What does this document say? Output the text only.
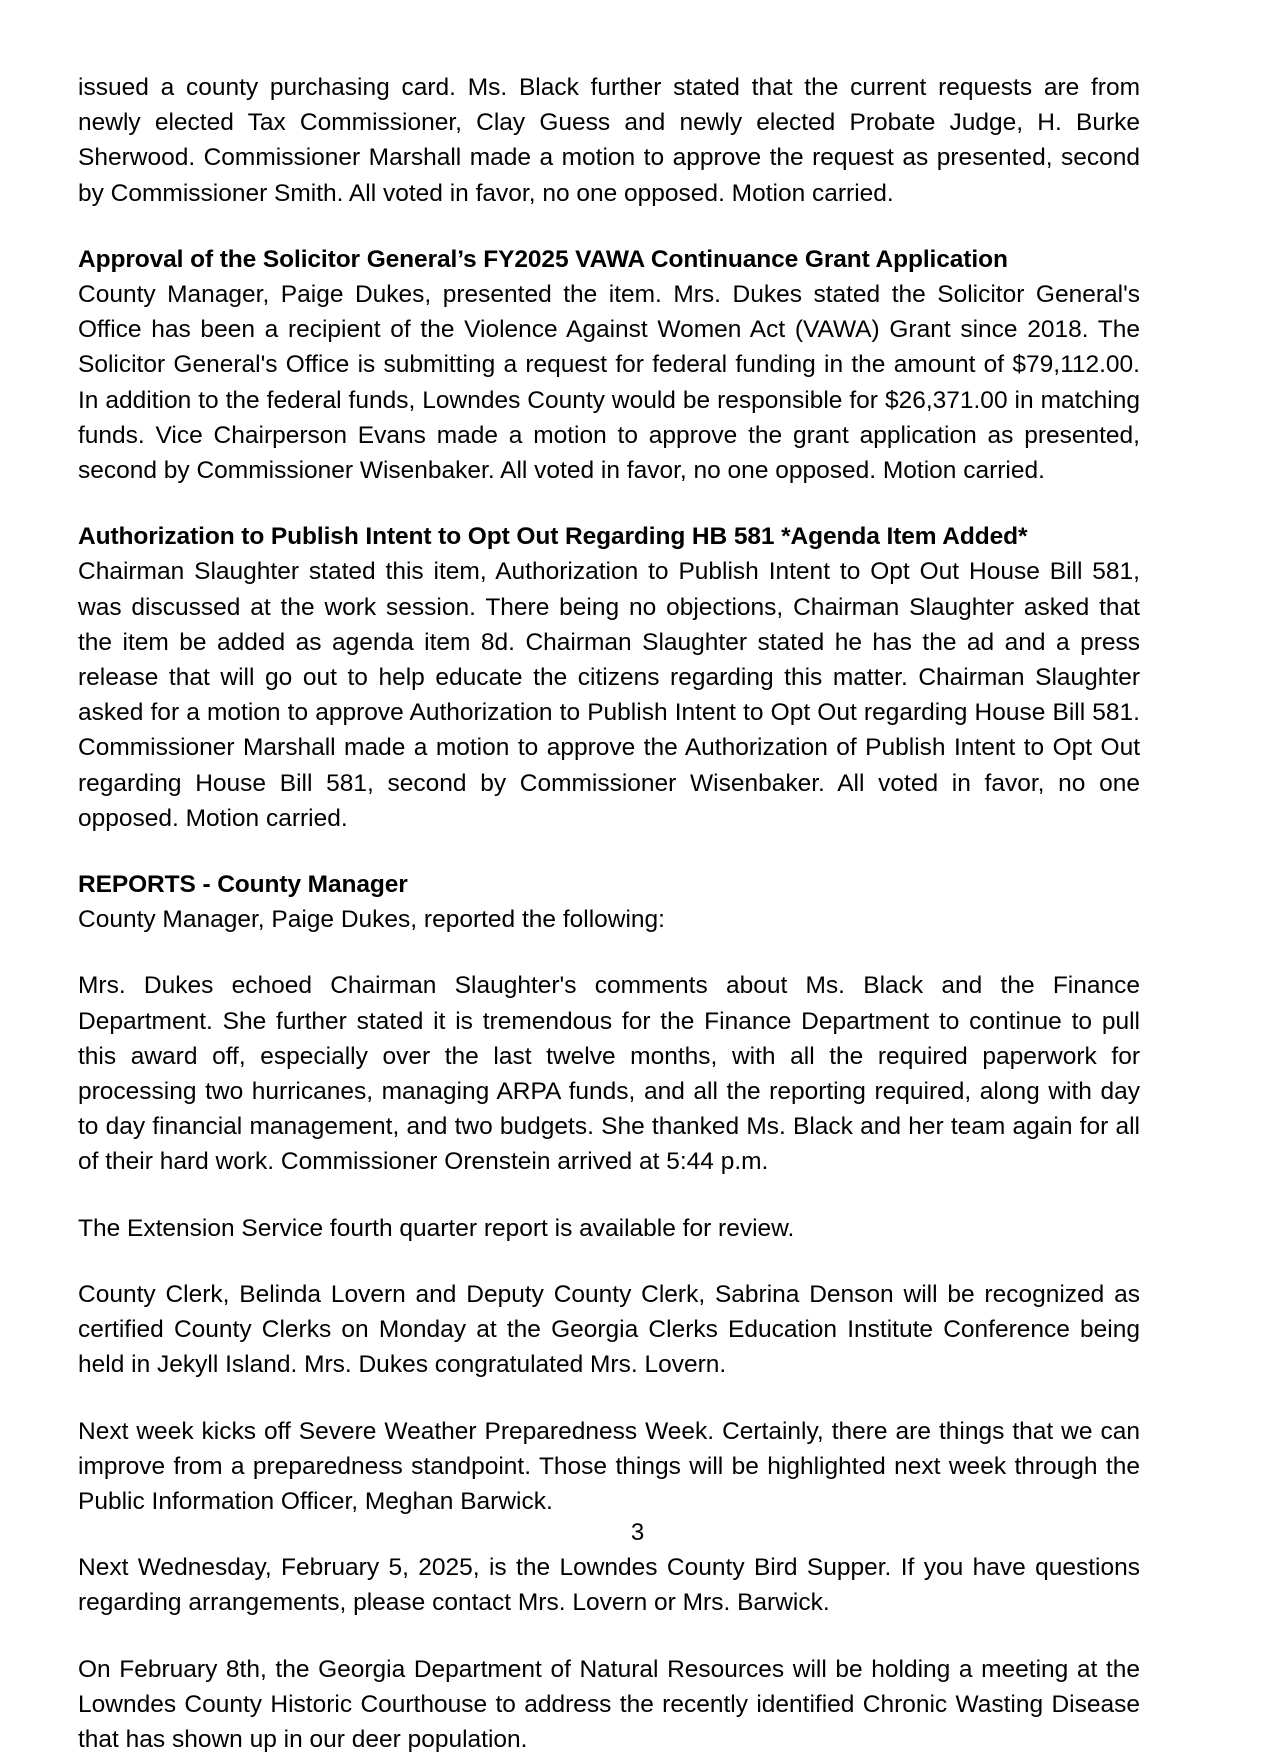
issued a county purchasing card. Ms. Black further stated that the current requests are from newly elected Tax Commissioner, Clay Guess and newly elected Probate Judge, H. Burke Sherwood. Commissioner Marshall made a motion to approve the request as presented, second by Commissioner Smith. All voted in favor, no one opposed. Motion carried.

Approval of the Solicitor General’s FY2025 VAWA Continuance Grant Application

County Manager, Paige Dukes, presented the item. Mrs. Dukes stated the Solicitor General's Office has been a recipient of the Violence Against Women Act (VAWA) Grant since 2018. The Solicitor General's Office is submitting a request for federal funding in the amount of $79,112.00. In addition to the federal funds, Lowndes County would be responsible for $26,371.00 in matching funds. Vice Chairperson Evans made a motion to approve the grant application as presented, second by Commissioner Wisenbaker. All voted in favor, no one opposed. Motion carried.

Authorization to Publish Intent to Opt Out Regarding HB 581 *Agenda Item Added*

Chairman Slaughter stated this item, Authorization to Publish Intent to Opt Out House Bill 581, was discussed at the work session. There being no objections, Chairman Slaughter asked that the item be added as agenda item 8d. Chairman Slaughter stated he has the ad and a press release that will go out to help educate the citizens regarding this matter. Chairman Slaughter asked for a motion to approve Authorization to Publish Intent to Opt Out regarding House Bill 581. Commissioner Marshall made a motion to approve the Authorization of Publish Intent to Opt Out regarding House Bill 581, second by Commissioner Wisenbaker. All voted in favor, no one opposed. Motion carried.

REPORTS - County Manager

County Manager, Paige Dukes, reported the following:

Mrs. Dukes echoed Chairman Slaughter's comments about Ms. Black and the Finance Department. She further stated it is tremendous for the Finance Department to continue to pull this award off, especially over the last twelve months, with all the required paperwork for processing two hurricanes, managing ARPA funds, and all the reporting required, along with day to day financial management, and two budgets. She thanked Ms. Black and her team again for all of their hard work. Commissioner Orenstein arrived at 5:44 p.m.

The Extension Service fourth quarter report is available for review.

County Clerk, Belinda Lovern and Deputy County Clerk, Sabrina Denson will be recognized as certified County Clerks on Monday at the Georgia Clerks Education Institute Conference being held in Jekyll Island. Mrs. Dukes congratulated Mrs. Lovern.

Next week kicks off Severe Weather Preparedness Week. Certainly, there are things that we can improve from a preparedness standpoint. Those things will be highlighted next week through the Public Information Officer, Meghan Barwick.

Next Wednesday, February 5, 2025, is the Lowndes County Bird Supper. If you have questions regarding arrangements, please contact Mrs. Lovern or Mrs. Barwick.

On February 8th, the Georgia Department of Natural Resources will be holding a meeting at the Lowndes County Historic Courthouse to address the recently identified Chronic Wasting Disease that has shown up in our deer population.

3
